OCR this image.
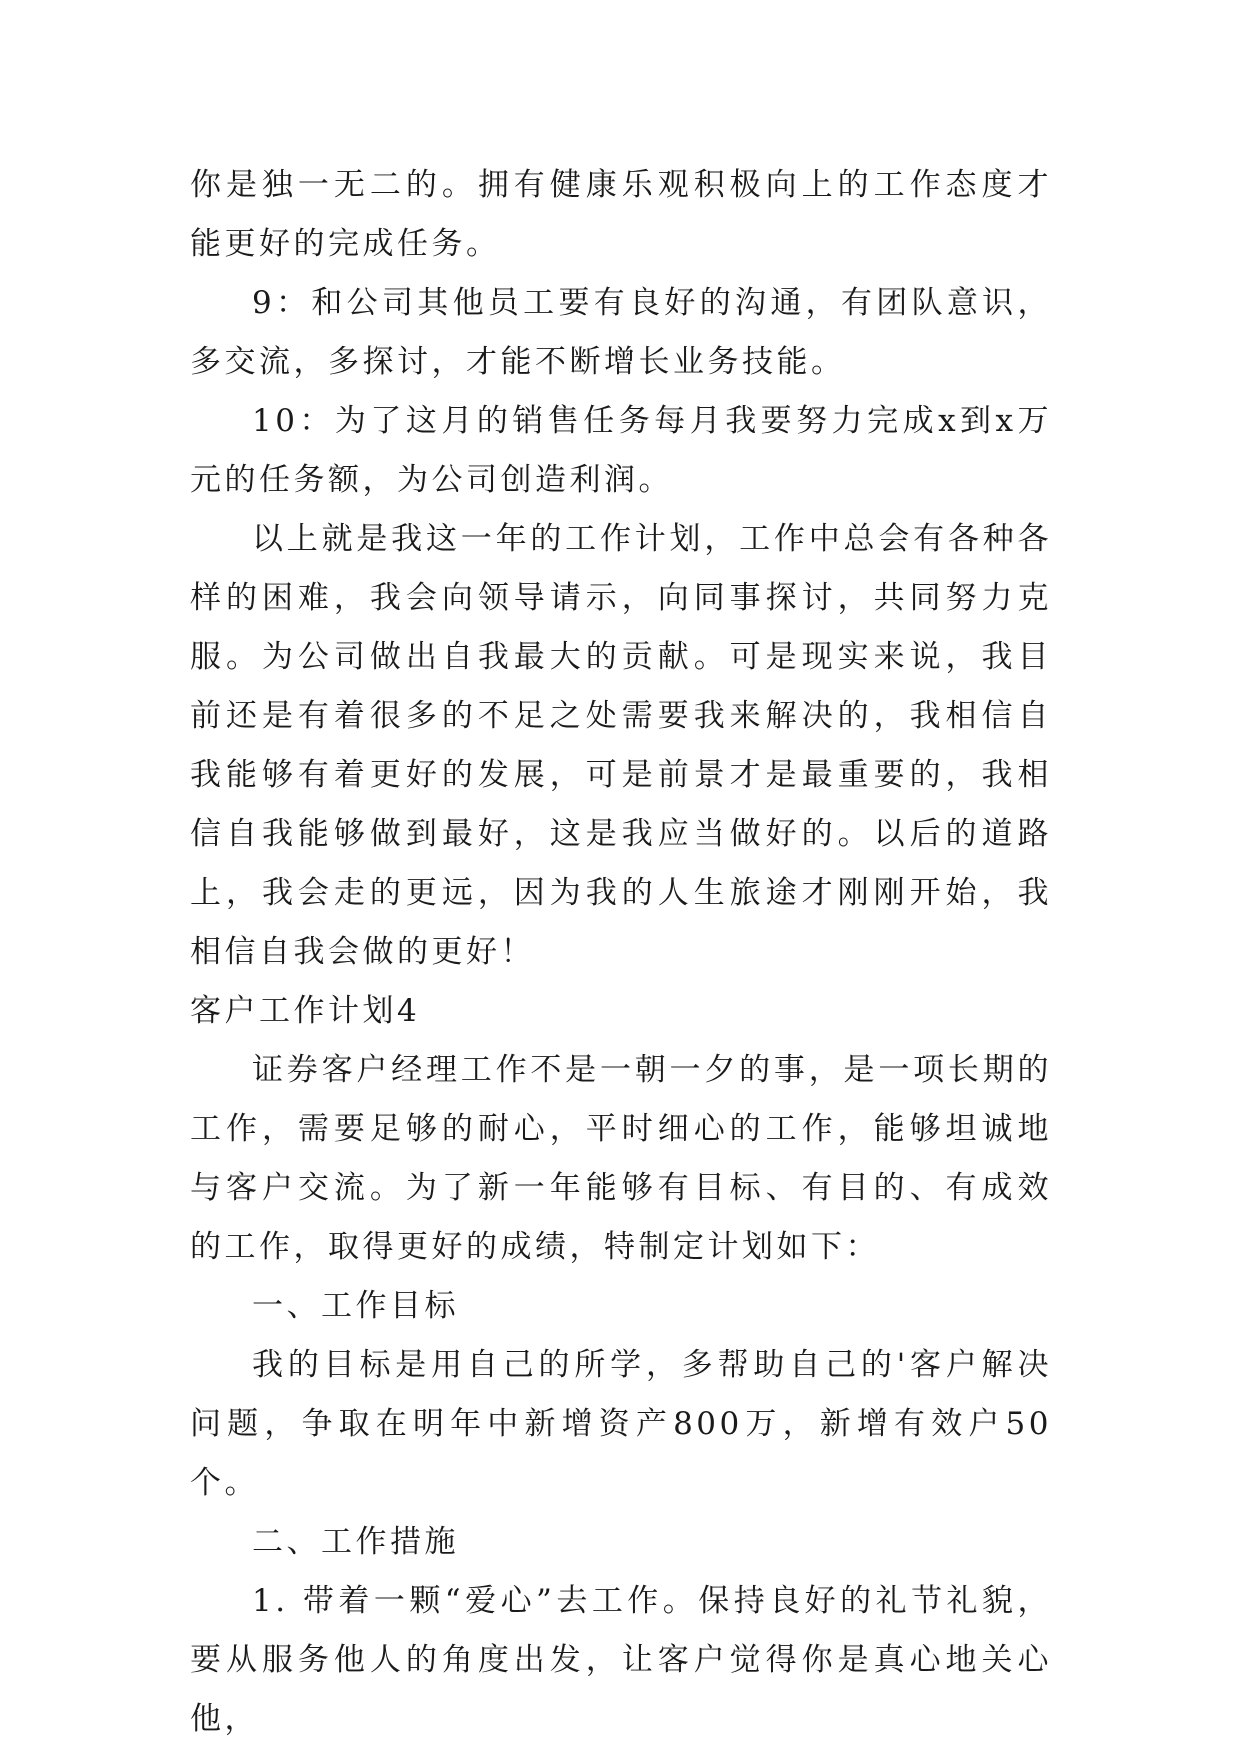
你是独一无二的。拥有健康乐观积极向上的工作态度才能更好的完成任务。

9：和公司其他员工要有良好的沟通，有团队意识，多交流，多探讨，才能不断增长业务技能。

10：为了这月的销售任务每月我要努力完成x到x万元的任务额，为公司创造利润。

以上就是我这一年的工作计划，工作中总会有各种各样的困难，我会向领导请示，向同事探讨，共同努力克服。为公司做出自我最大的贡献。可是现实来说，我目前还是有着很多的不足之处需要我来解决的，我相信自我能够有着更好的发展，可是前景才是最重要的，我相信自我能够做到最好，这是我应当做好的。以后的道路上，我会走的更远，因为我的人生旅途才刚刚开始，我相信自我会做的更好！

客户工作计划4

证券客户经理工作不是一朝一夕的事，是一项长期的工作，需要足够的耐心，平时细心的工作，能够坦诚地与客户交流。为了新一年能够有目标、有目的、有成效的工作，取得更好的成绩，特制定计划如下：

一、工作目标

我的目标是用自己的所学，多帮助自己的'客户解决问题，争取在明年中新增资产800万，新增有效户50个。

二、工作措施

1. 带着一颗“爱心”去工作。保持良好的礼节礼貌，要从服务他人的角度出发，让客户觉得你是真心地关心他，
